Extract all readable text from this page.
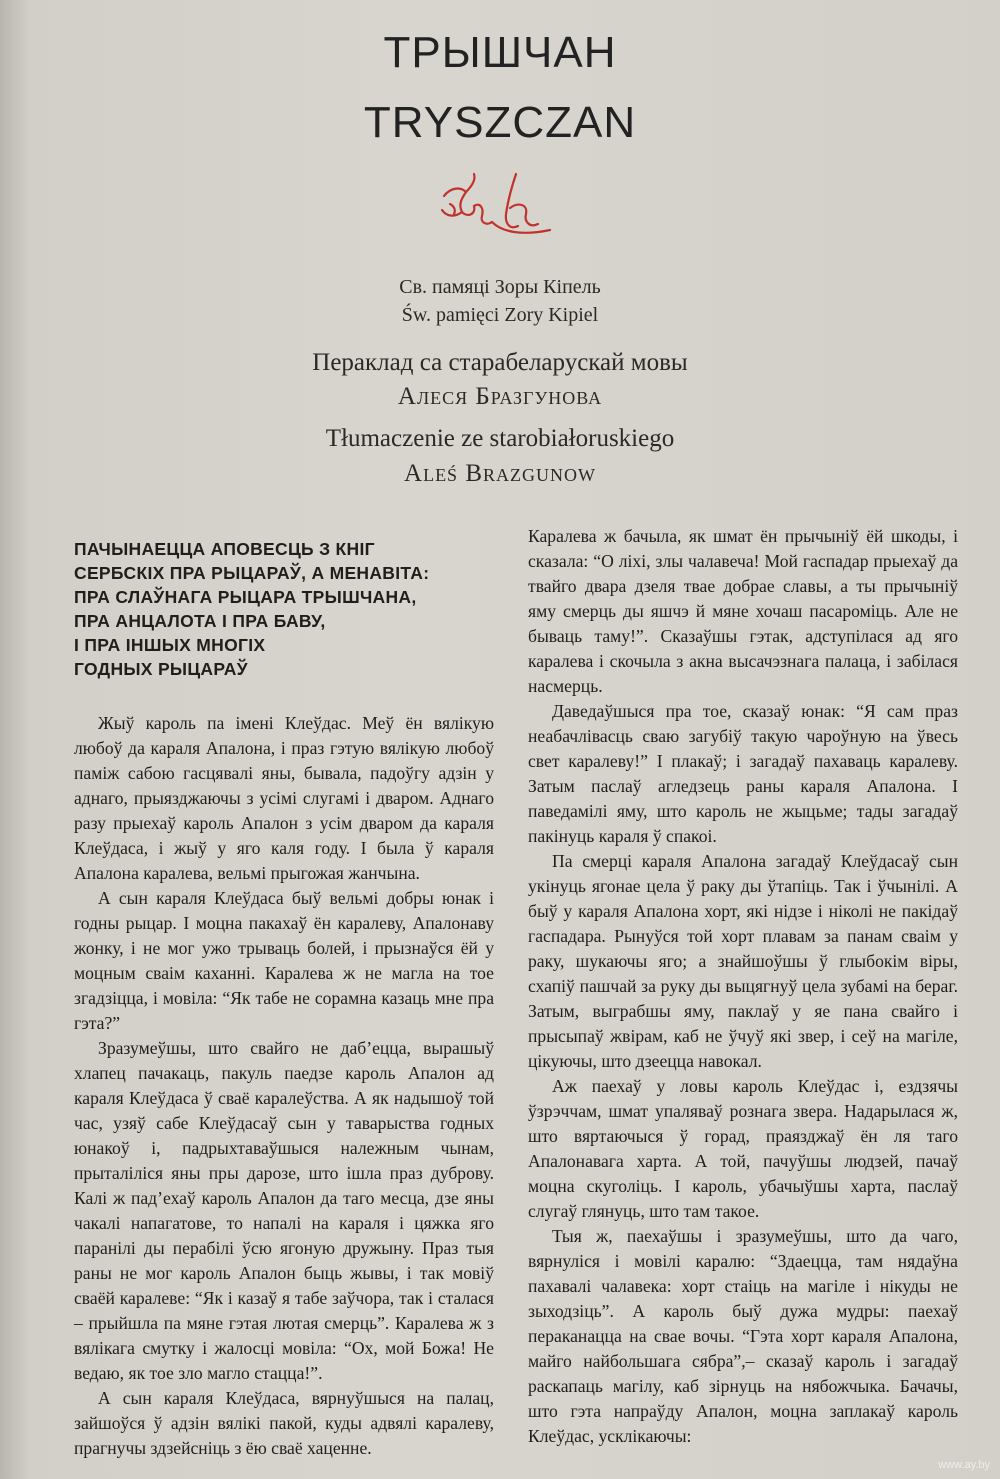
ТРЫШЧАН
TRYSZCZAN
Св. памяці Зоры Кіпель
Św. pamięci Zory Kipiel
Пераклад са старабеларускай мовы
Алеся Бразгунова
Tłumaczenie ze starobiałoruskiego
Aleś Brazgunow
ПАЧЫНАЕЦЦА АПОВЕСЦЬ З КНІГ
СЕРБСКІХ ПРА РЫЦАРАЎ, А МЕНАВІТА:
ПРА СЛАЎНАГА РЫЦАРА ТРЫШЧАНА,
ПРА АНЦАЛОТА І ПРА БАВУ,
І ПРА ІНШЫХ МНОГІХ
ГОДНЫХ РЫЦАРАЎ

Жыў кароль па імені Клеўдас. Меў ён вялікую любоў да караля Апалона, і праз гэтую вялікую любоў паміж сабою гасцявалі яны, бывала, падоўгу адзін у аднаго, прыязджаючы з усімі слугамі і дваром. Аднаго разу прыехаў кароль Апалон з усім дваром да караля Клеўдаса, і жыў у яго каля году. І была ў караля Апалона каралева, вельмі прыгожая жанчына.

А сын караля Клеўдаса быў вельмі добры юнак і годны рыцар. І моцна пакахаў ён каралеву, Апалонаву жонку, і не мог ужо трываць болей, і прызнаўся ёй у моцным сваім каханні. Каралева ж не магла на тое згадзіцца, і мовіла: “Як табе не сорамна казаць мне пра гэта?”

Зразумеўшы, што свайго не даб’еццa, вырашыў хлапец пачакаць, пакуль паедзе кароль Апалон ад караля Клеўдаса ў сваё каралеўства. А як надышоў той час, узяў сабе Клеўдасаў сын у таварыства годных юнакоў і, падрыхтаваўшыся належным чынам, прыталіліся яны пры дарозе, што ішла праз дуброву. Калі ж пад’ехаў кароль Апалон да таго месца, дзе яны чакалі напагатове, то напалі на караля і цяжка яго паранілі ды перабілі ўсю ягоную дружыну. Праз тыя раны не мог кароль Апалон быць жывы, і так мовіў сваёй каралеве: “Як і казаў я табе заўчора, так і сталася – прыйшла па мяне гэтая лютая смерць”. Каралева ж з вялікага смутку і жалосці мовіла: “Ох, мой Божа! Не ведаю, як тое зло магло стацца!”.

А сын караля Клеўдаса, вярнуўшыся на палац, зайшоўся ў адзін вялікі пакой, куды адвялі каралеву, прагнучы здзейсніць з ёю сваё хаценне.

Каралева ж бачыла, як шмат ён прычыніў ёй шкоды, і сказала: “О ліхі, злы чалавеча! Мой гаспадар прыехаў да твайго двара дзеля твае добрае славы, а ты прычыніў яму смерць ды яшчэ й мяне хочаш пасароміць. Але не бываць таму!”. Сказаўшы гэтак, адступілася ад яго каралева і скочыла з акна высачэзнага палаца, і забілася насмерць.

Даведаўшыся пра тое, сказаў юнак: “Я сам праз неабачлівасць сваю загубіў такую чароўную на ўвесь свет каралеву!” І плакаў; і загадаў пахаваць каралеву. Затым паслаў агледзець раны караля Апалона. І паведамілі яму, што кароль не жыцьме; тады загадаў пакінуць караля ў спакоі.

Па смерці караля Апалона загадаў Клеўдасаў сын укінуць ягонае цела ў раку ды ўтапіць. Так і ўчынілі. А быў у караля Апалона хорт, які нідзе і ніколі не пакідаў гаспадара. Рынуўся той хорт плавам за панам сваім у раку, шукаючы яго; а знайшоўшы ў глыбокім віры, схапіў пашчай за руку ды выцягнуў цела зубамі на бераг. Затым, выграбшы яму, паклаў у яе пана свайго і прысыпаў жвірам, каб не ўчуў які звер, і сеў на магіле, цікуючы, што дзеецца навокал.

Аж паехаў у ловы кароль Клеўдас і, ездзячы ўзрэччам, шмат упаляваў рознага звера. Надарылася ж, што вяртаючыся ў горад, праязджаў ён ля таго Апалонавага харта. А той, пачуўшы людзей, пачаў моцна скуголіць. І кароль, убачыўшы харта, паслаў слугаў глянуць, што там такое.

Тыя ж, паехаўшы і зразумеўшы, што да чаго, вярнуліся і мовілі каралю: “Здаецца, там нядаўна пахавалі чалавека: хорт стаіць на магіле і нікуды не зыходзіць”. А кароль быў дужа мудры: паехаў пераканацца на свае вочы. “Гэта хорт караля Апалона, майго найбольшага сябра”,– сказаў кароль і загадаў раскапаць магілу, каб зірнуць на нябожчыка. Бачачы, што гэта напраўду Апалон, моцна заплакаў кароль Клеўдас, усклікаючы:

www.ay.by
